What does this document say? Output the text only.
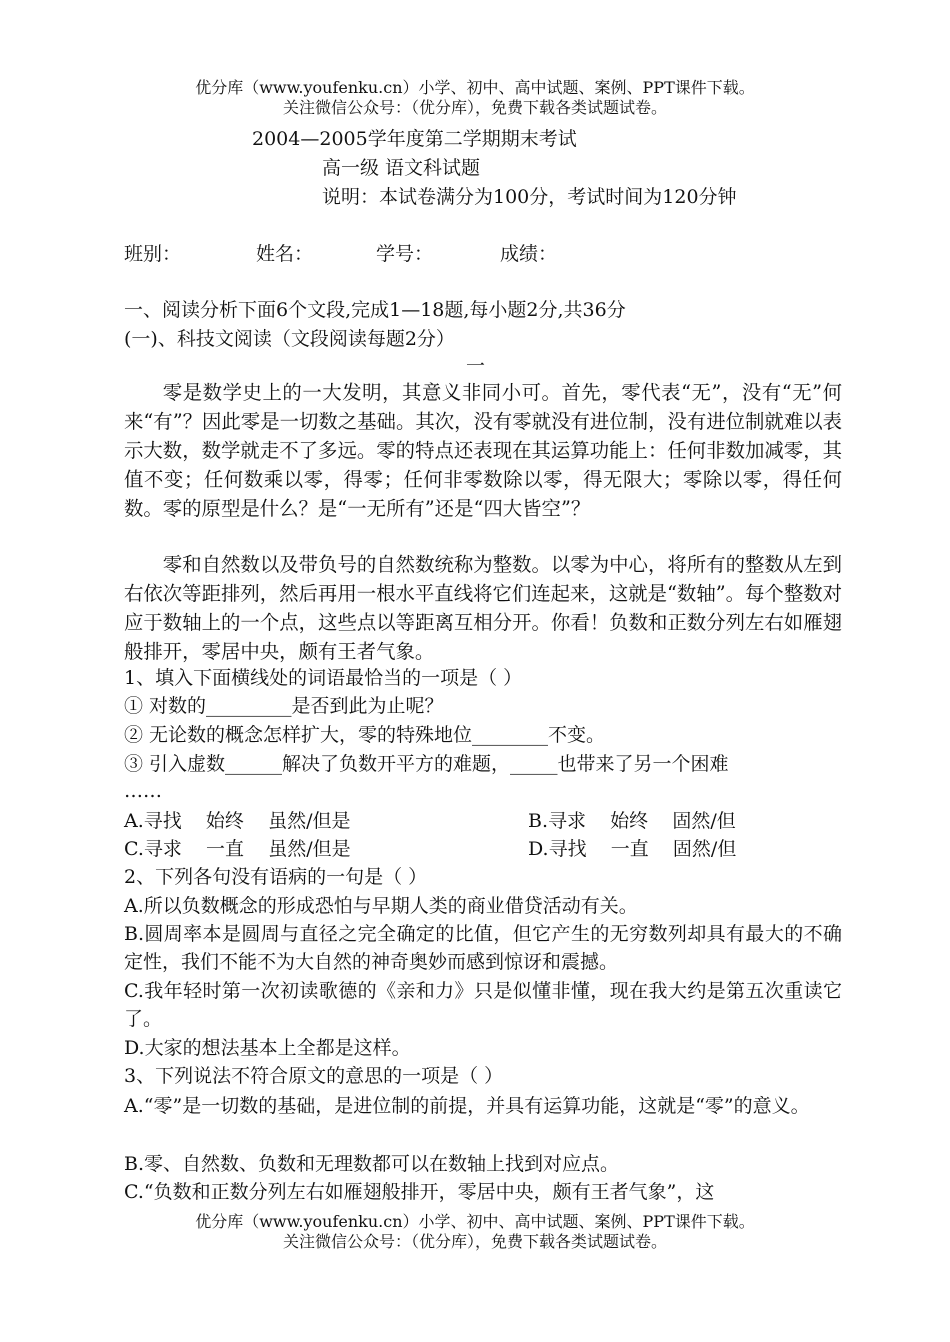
优分库（www.youfenku.cn）小学、初中、高中试题、案例、PPT课件下载。
关注微信公众号：（优分库），免费下载各类试题试卷。
2004—2005学年度第二学期期末考试
高一级 语文科试题
说明：本试卷满分为100分，考试时间为120分钟
班别：	姓名：	学号：	成绩：
一、阅读分析下面6个文段,完成1—18题,每小题2分,共36分
(一)、科技文阅读（文段阅读每题2分）
一
零是数学史上的一大发明，其意义非同小可。首先，零代表“无”，没有“无”何来“有”？因此零是一切数之基础。其次，没有零就没有进位制，没有进位制就难以表示大数，数学就走不了多远。零的特点还表现在其运算功能上：任何非数加减零，其值不变；任何数乘以零，得零；任何非零数除以零，得无限大；零除以零，得任何数。零的原型是什么？是“一无所有”还是“四大皆空”？
零和自然数以及带负号的自然数统称为整数。以零为中心，将所有的整数从左到右依次等距排列，然后再用一根水平直线将它们连起来，这就是“数轴”。每个整数对应于数轴上的一个点，这些点以等距离互相分开。你看！负数和正数分列左右如雁翅般排开，零居中央，颇有王者气象。
1、填入下面横线处的词语最恰当的一项是（ ）
① 对数的_________是否到此为止呢？
② 无论数的概念怎样扩大，零的特殊地位________不变。
③ 引入虚数______解决了负数开平方的难题，_____也带来了另一个困难
……
A.寻找    始终    虽然/但是	B.寻求    始终    固然/但
C.寻求    一直    虽然/但是	D.寻找    一直    固然/但
2、下列各句没有语病的一句是（ ）
A.所以负数概念的形成恐怕与早期人类的商业借贷活动有关。
B.圆周率本是圆周与直径之完全确定的比值，但它产生的无穷数列却具有最大的不确定性，我们不能不为大自然的神奇奥妙而感到惊讶和震撼。
C.我年轻时第一次初读歌德的《亲和力》只是似懂非懂，现在我大约是第五次重读它了。
D.大家的想法基本上全都是这样。
3、下列说法不符合原文的意思的一项是（ ）
A.“零”是一切数的基础，是进位制的前提，并具有运算功能，这就是“零”的意义。
B.零、自然数、负数和无理数都可以在数轴上找到对应点。
C.“负数和正数分列左右如雁翅般排开，零居中央，颇有王者气象”，这
优分库（www.youfenku.cn）小学、初中、高中试题、案例、PPT课件下载。
关注微信公众号：（优分库），免费下载各类试题试卷。
